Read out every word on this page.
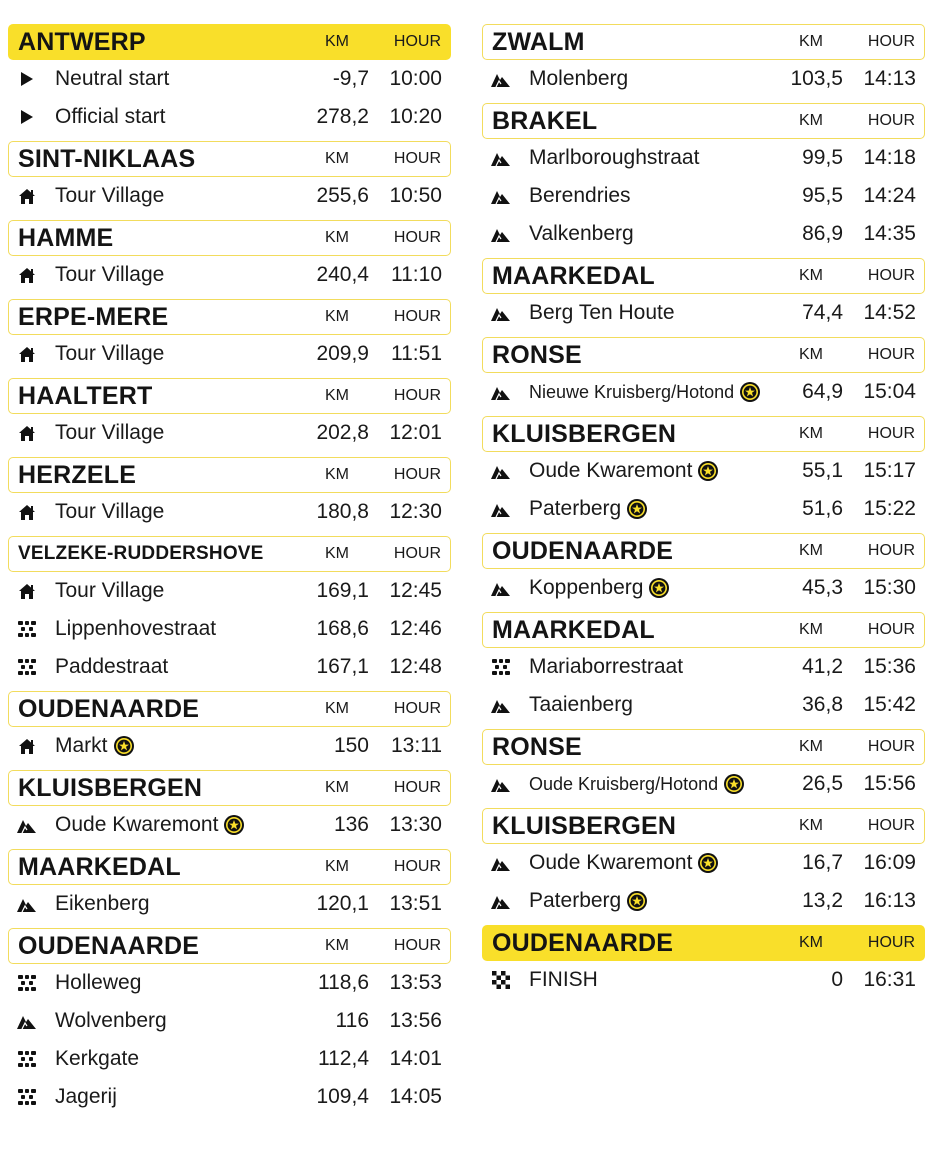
ANTWERP	KM	HOUR
Neutral start	-9,7 10:00
Official start	278,2 10:20
SINT-NIKLAAS	KM	HOUR
Tour Village	255,6 10:50
HAMME	KM	HOUR
Tour Village	240,4 11:10
ERPE-MERE	KM	HOUR
Tour Village	209,9 11:51
HAALTERT	KM	HOUR
Tour Village	202,8 12:01
HERZELE	KM	HOUR
Tour Village	180,8 12:30
VELZEKE-RUDDERSHOVE	KM	HOUR
Tour Village	169,1 12:45
Lippenhovestraat	168,6 12:46
Paddestraat	167,1 12:48
OUDENAARDE	KM	HOUR
Markt	150 13:11
KLUISBERGEN	KM	HOUR
Oude Kwaremont	136 13:30
MAARKEDAL	KM	HOUR
Eikenberg	120,1 13:51
OUDENAARDE	KM	HOUR
Holleweg	118,6 13:53
Wolvenberg	116 13:56
Kerkgate	112,4 14:01
Jagerij	109,4 14:05
ZWALM	KM	HOUR
Molenberg	103,5 14:13
BRAKEL	KM	HOUR
Marlboroughstraat	99,5 14:18
Berendries	95,5 14:24
Valkenberg	86,9 14:35
MAARKEDAL	KM	HOUR
Berg Ten Houte	74,4 14:52
RONSE	KM	HOUR
Nieuwe Kruisberg/Hotond	64,9 15:04
KLUISBERGEN	KM	HOUR
Oude Kwaremont	55,1 15:17
Paterberg	51,6 15:22
OUDENAARDE	KM	HOUR
Koppenberg	45,3 15:30
MAARKEDAL	KM	HOUR
Mariaborrestraat	41,2 15:36
Taaienberg	36,8 15:42
RONSE	KM	HOUR
Oude Kruisberg/Hotond	26,5 15:56
KLUISBERGEN	KM	HOUR
Oude Kwaremont	16,7 16:09
Paterberg	13,2 16:13
OUDENAARDE	KM	HOUR
FINISH	0 16:31
